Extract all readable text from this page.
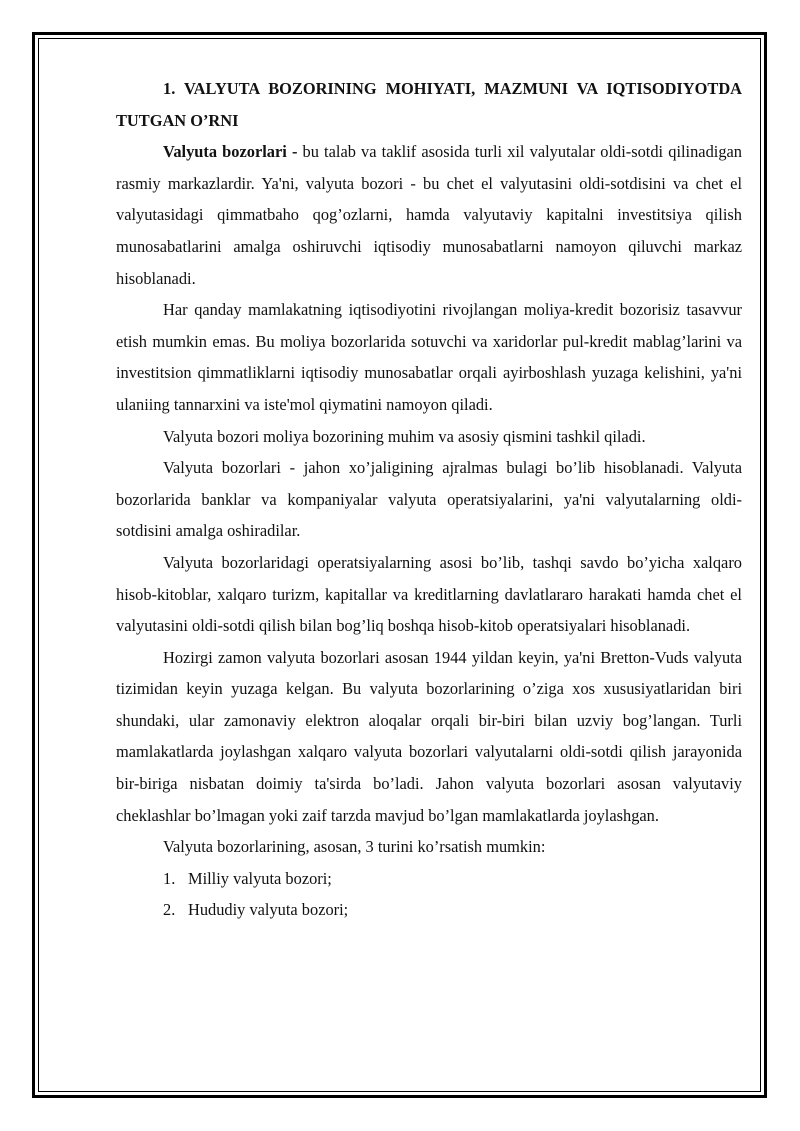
1. VALYUTA BOZORINING MOHIYATI, MAZMUNI VA IQTISODIYOTDA TUTGAN O’RNI

Valyuta bozorlari - bu talab va taklif asosida turli xil valyutalar oldi-sotdi qilinadigan rasmiy markazlardir. Ya'ni, valyuta bozori - bu chet el valyutasini oldi-sotdisini va chet el valyutasidagi qimmatbaho qog’ozlarni, hamda valyutaviy kapitalni investitsiya qilish munosabatlarini amalga oshiruvchi iqtisodiy munosabatlarni namoyon qiluvchi markaz hisoblanadi.

Har qanday mamlakatning iqtisodiyotini rivojlangan moliya-kredit bozorisiz tasavvur etish mumkin emas. Bu moliya bozorlarida sotuvchi va xaridorlar pul-kredit mablag’larini va investitsion qimmatliklarni iqtisodiy munosabatlar orqali ayirboshlash yuzaga kelishini, ya'ni ulaniing tannarxini va iste'mol qiymatini namoyon qiladi.

Valyuta bozori moliya bozorining muhim va asosiy qismini tashkil qiladi.

Valyuta bozorlari - jahon xo’jaligining ajralmas bulagi bo’lib hisoblanadi. Valyuta bozorlarida banklar va kompaniyalar valyuta operatsiyalarini, ya'ni valyutalarning oldi-sotdisini amalga oshiradilar.

Valyuta bozorlaridagi operatsiyalarning asosi bo’lib, tashqi savdo bo’yicha xalqaro hisob-kitoblar, xalqaro turizm, kapitallar va kreditlarning davlatlararo harakati hamda chet el valyutasini oldi-sotdi qilish bilan bog’liq boshqa hisob-kitob operatsiyalari hisoblanadi.

Hozirgi zamon valyuta bozorlari asosan 1944 yildan keyin, ya'ni Bretton-Vuds valyuta tizimidan keyin yuzaga kelgan. Bu valyuta bozorlarining o’ziga xos xususiyatlaridan biri shundaki, ular zamonaviy elektron aloqalar orqali bir-biri bilan uzviy bog’langan. Turli mamlakatlarda joylashgan xalqaro valyuta bozorlari valyutalarni oldi-sotdi qilish jarayonida bir-biriga nisbatan doimiy ta'sirda bo’ladi. Jahon valyuta bozorlari asosan valyutaviy cheklashlar bo’lmagan yoki zaif tarzda mavjud bo’lgan mamlakatlarda joylashgan.

Valyuta bozorlarining, asosan, 3 turini ko’rsatish mumkin:

1. Milliy valyuta bozori;
2. Hududiy valyuta bozori;
